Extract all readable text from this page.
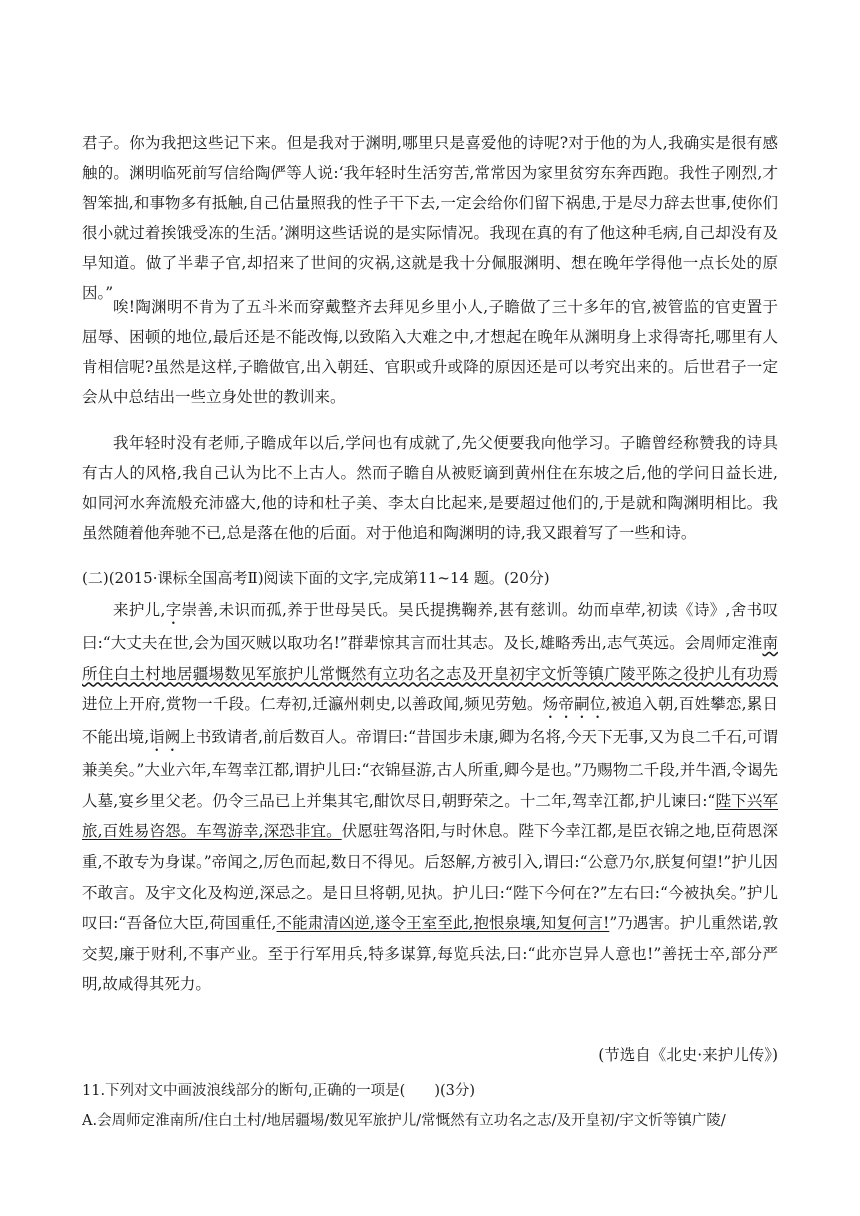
君子。你为我把这些记下来。但是我对于渊明,哪里只是喜爱他的诗呢?对于他的为人,我确实是很有感触的。渊明临死前写信给陶俨等人说:‘我年轻时生活穷苦,常常因为家里贫穷东奔西跑。我性子刚烈,才智笨拙,和事物多有抵触,自己估量照我的性子干下去,一定会给你们留下祸患,于是尽力辞去世事,使你们很小就过着挨饿受冻的生活。’渊明这些话说的是实际情况。我现在真的有了他这种毛病,自己却没有及早知道。做了半辈子官,却招来了世间的灾祸,这就是我十分佩服渊明、想在晚年学得他一点长处的原因。”

唉!陶渊明不肯为了五斗米而穿戴整齐去拜见乡里小人,子瞻做了三十多年的官,被管监的官吏置于屈辱、困顿的地位,最后还是不能改悔,以致陷入大难之中,才想起在晚年从渊明身上求得寄托,哪里有人肯相信呢?虽然是这样,子瞻做官,出入朝廷、官职或升或降的原因还是可以考究出来的。后世君子一定会从中总结出一些立身处世的教训来。

我年轻时没有老师,子瞻成年以后,学问也有成就了,先父便要我向他学习。子瞻曾经称赞我的诗具有古人的风格,我自己认为比不上古人。然而子瞻自从被贬谪到黄州住在东坡之后,他的学问日益长进,如同河水奔流般充沛盛大,他的诗和杜子美、李太白比起来,是要超过他们的,于是就和陶渊明相比。我虽然随着他奔驰不已,总是落在他的后面。对于他追和陶渊明的诗,我又跟着写了一些和诗。

(二)(2015·课标全国高考Ⅱ)阅读下面的文字,完成第11~14 题。(20分)

来护儿,字崇善,未识而孤,养于世母吴氏。吴氏提携鞠养,甚有慈训。幼而卓荦,初读《诗》,舍书叹曰:“大丈夫在世,会为国灭贼以取功名!”群辈惊其言而壮其志。及长,雄略秀出,志气英远。会周师定淮南所住白土村地居疆埸数见军旅护儿常慨然有立功名之志及开皇初宇文忻等镇广陵平陈之役护儿有功焉进位上开府,赏物一千段。仁寿初,迁瀛州刺史,以善政闻,频见劳勉。炀帝嗣位,被追入朝,百姓攀恋,累日不能出境,诣阙上书致请者,前后数百人。帝谓曰:“昔国步未康,卿为名将,今天下无事,又为良二千石,可谓兼美矣。”大业六年,车驾幸江都,谓护儿曰:“衣锦昼游,古人所重,卿今是也。”乃赐物二千段,并牛酒,令谒先人墓,宴乡里父老。仍令三品已上并集其宅,酣饮尽日,朝野荣之。十二年,驾幸江都,护儿谏曰:“陛下兴军旅,百姓易咨怨。车驾游幸,深恐非宜。伏愿驻驾洛阳,与时休息。陛下今幸江都,是臣衣锦之地,臣荷恩深重,不敢专为身谋。”帝闻之,厉色而起,数日不得见。后怒解,方被引入,谓曰:“公意乃尔,朕复何望!”护儿因不敢言。及宇文化及构逆,深忌之。是日旦将朝,见执。护儿曰:“陛下今何在?”左右曰:“今被执矣。”护儿叹曰:“吾备位大臣,荷国重任,不能肃清凶逆,遂令王室至此,抱恨泉壤,知复何言!”乃遇害。护儿重然诺,敦交契,廉于财利,不事产业。至于行军用兵,特多谋算,每览兵法,曰:“此亦岂异人意也!”善抚士卒,部分严明,故咸得其死力。

(节选自《北史·来护儿传》)
11.下列对文中画波浪线部分的断句,正确的一项是(　　)(3分)
A.会周师定淮南所/住白土村/地居疆埸/数见军旅护儿/常慨然有立功名之志/及开皇初/宇文忻等镇广陵/
